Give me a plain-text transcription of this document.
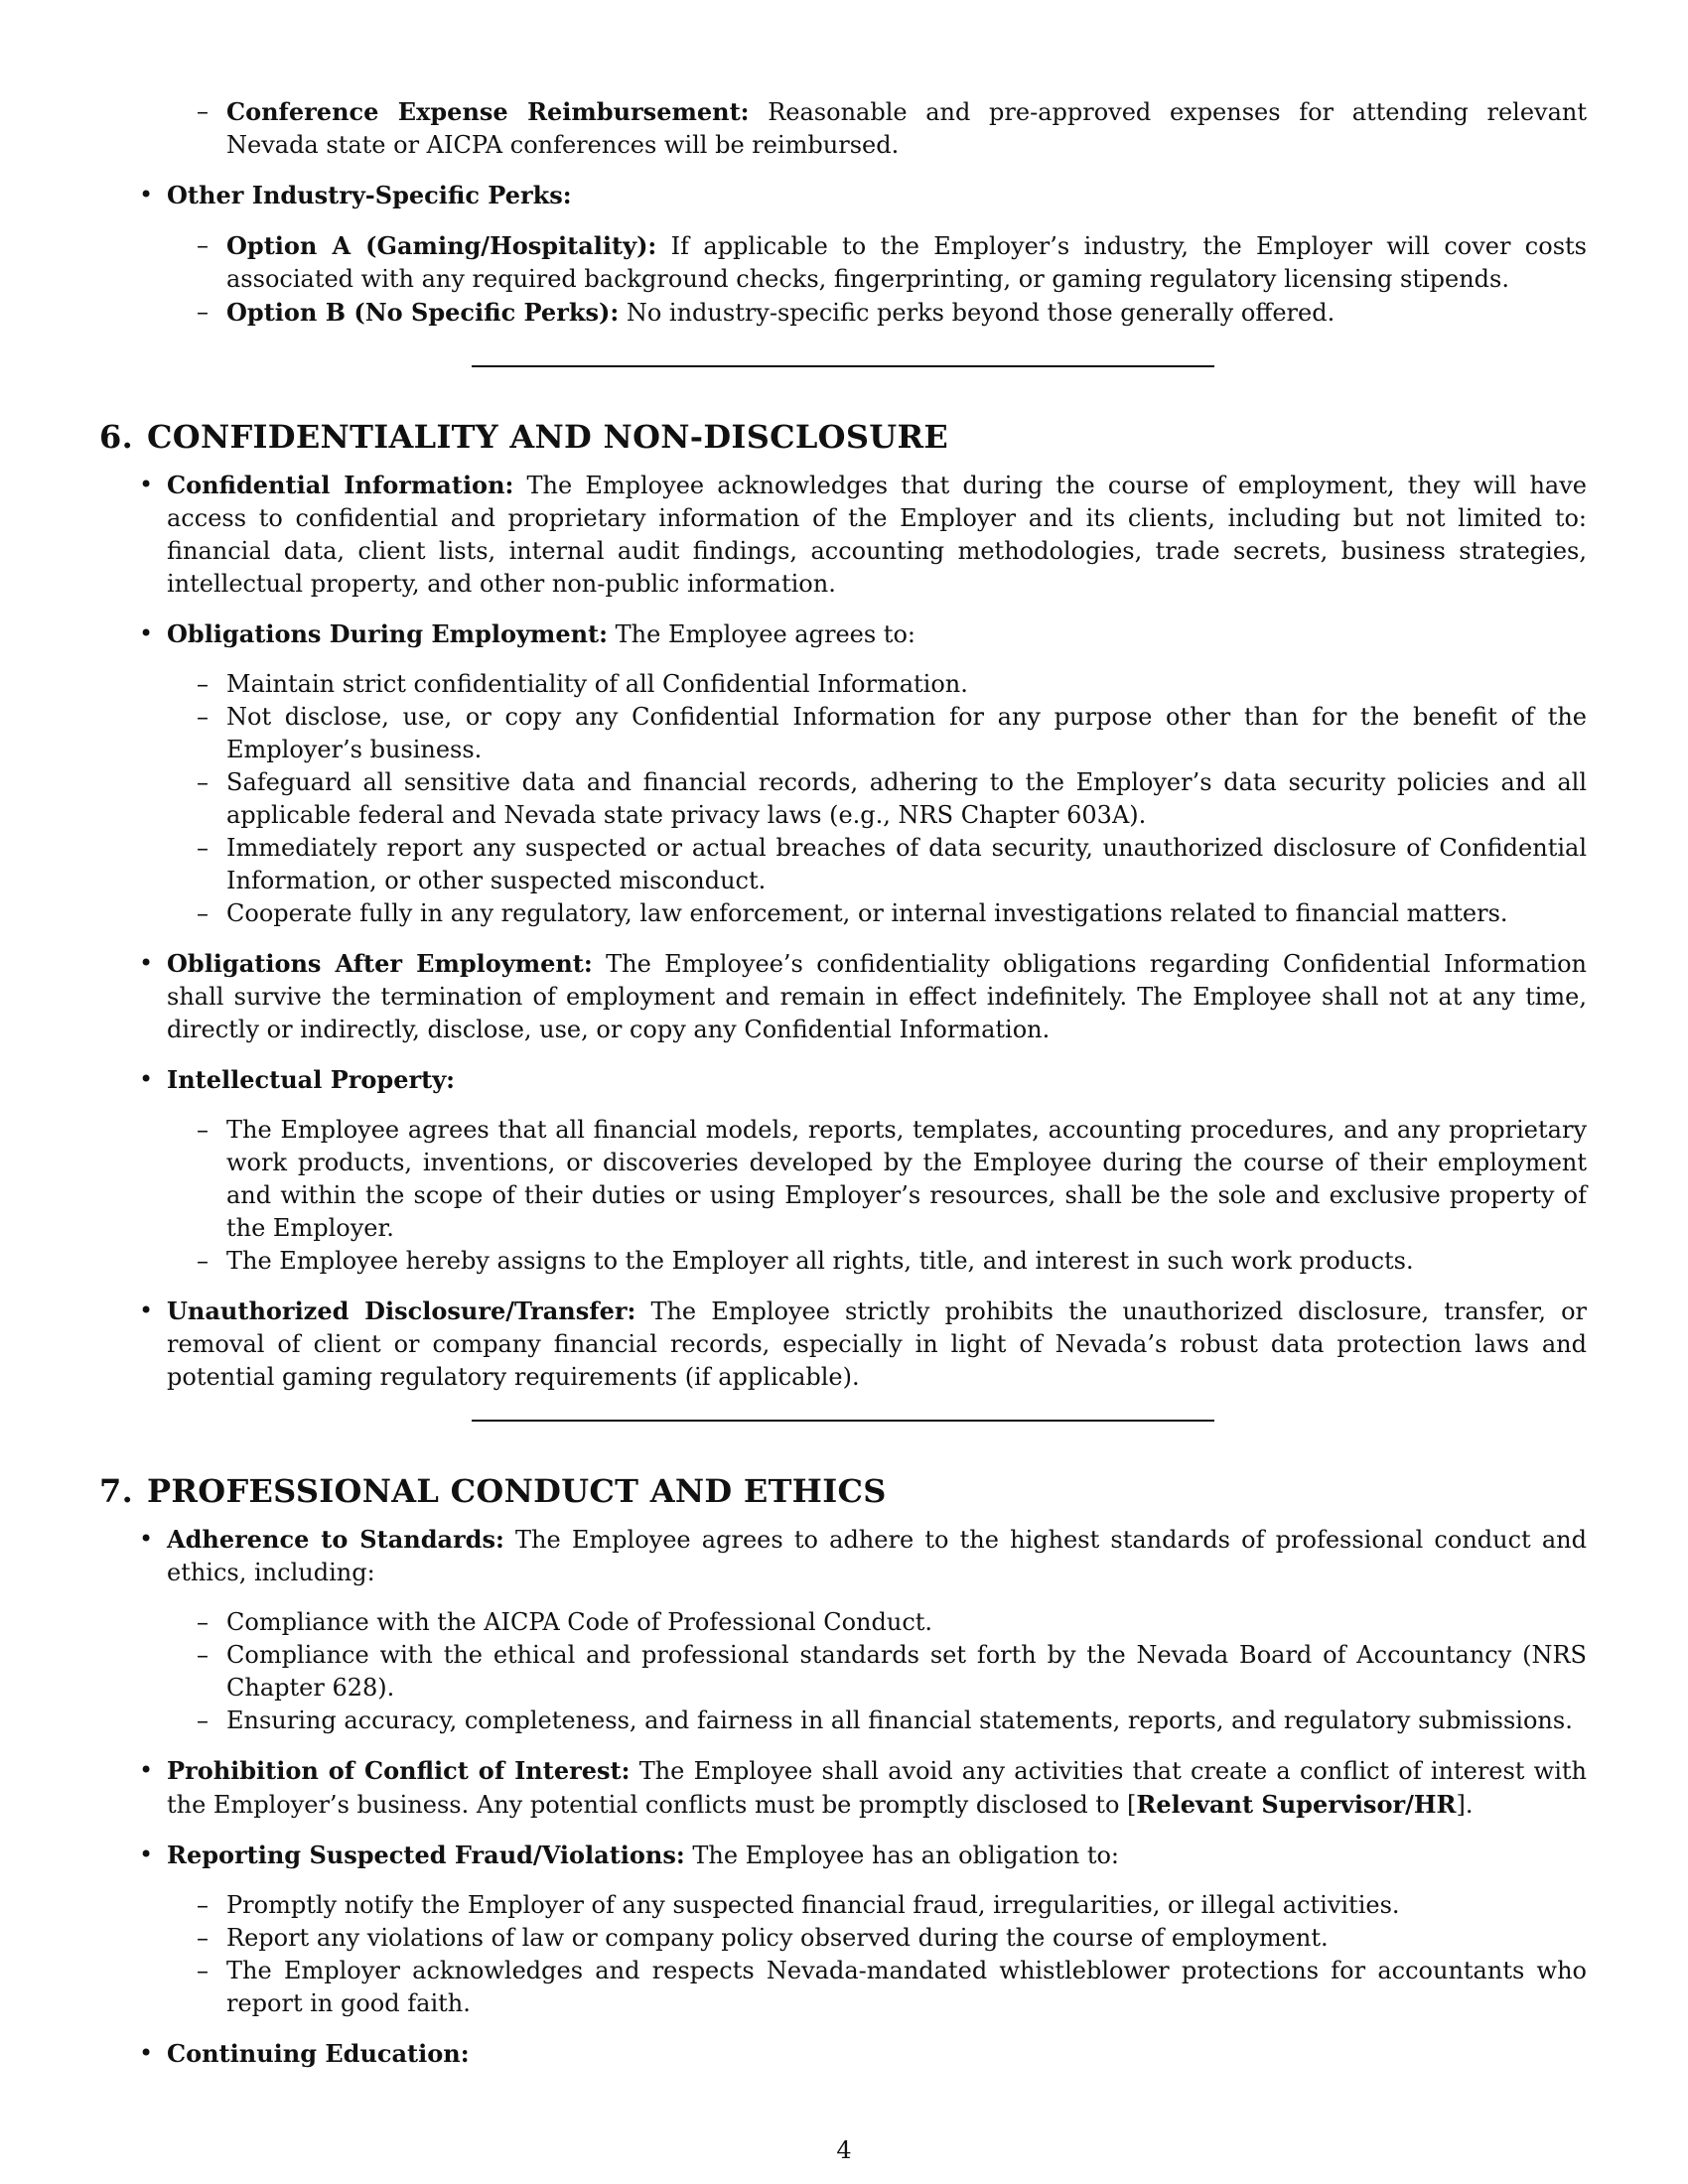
– Conference Expense Reimbursement: Reasonable and pre-approved expenses for attending relevant Nevada state or AICPA conferences will be reimbursed.
• Other Industry-Specific Perks:
– Option A (Gaming/Hospitality): If applicable to the Employer’s industry, the Employer will cover costs associated with any required background checks, fingerprinting, or gaming regulatory licensing stipends.
– Option B (No Specific Perks): No industry-specific perks beyond those generally offered.
6. CONFIDENTIALITY AND NON-DISCLOSURE
• Confidential Information: The Employee acknowledges that during the course of employment, they will have access to confidential and proprietary information of the Employer and its clients, including but not limited to: financial data, client lists, internal audit findings, accounting methodologies, trade secrets, business strategies, intellectual property, and other non-public information.
• Obligations During Employment: The Employee agrees to:
– Maintain strict confidentiality of all Confidential Information.
– Not disclose, use, or copy any Confidential Information for any purpose other than for the benefit of the Employer’s business.
– Safeguard all sensitive data and financial records, adhering to the Employer’s data security policies and all applicable federal and Nevada state privacy laws (e.g., NRS Chapter 603A).
– Immediately report any suspected or actual breaches of data security, unauthorized disclosure of Confidential Information, or other suspected misconduct.
– Cooperate fully in any regulatory, law enforcement, or internal investigations related to financial matters.
• Obligations After Employment: The Employee’s confidentiality obligations regarding Confidential Information shall survive the termination of employment and remain in effect indefinitely. The Employee shall not at any time, directly or indirectly, disclose, use, or copy any Confidential Information.
• Intellectual Property:
– The Employee agrees that all financial models, reports, templates, accounting procedures, and any proprietary work products, inventions, or discoveries developed by the Employee during the course of their employment and within the scope of their duties or using Employer’s resources, shall be the sole and exclusive property of the Employer.
– The Employee hereby assigns to the Employer all rights, title, and interest in such work products.
• Unauthorized Disclosure/Transfer: The Employee strictly prohibits the unauthorized disclosure, transfer, or removal of client or company financial records, especially in light of Nevada’s robust data protection laws and potential gaming regulatory requirements (if applicable).
7. PROFESSIONAL CONDUCT AND ETHICS
• Adherence to Standards: The Employee agrees to adhere to the highest standards of professional conduct and ethics, including:
– Compliance with the AICPA Code of Professional Conduct.
– Compliance with the ethical and professional standards set forth by the Nevada Board of Accountancy (NRS Chapter 628).
– Ensuring accuracy, completeness, and fairness in all financial statements, reports, and regulatory submissions.
• Prohibition of Conflict of Interest: The Employee shall avoid any activities that create a conflict of interest with the Employer’s business. Any potential conflicts must be promptly disclosed to [Relevant Supervisor/HR].
• Reporting Suspected Fraud/Violations: The Employee has an obligation to:
– Promptly notify the Employer of any suspected financial fraud, irregularities, or illegal activities.
– Report any violations of law or company policy observed during the course of employment.
– The Employer acknowledges and respects Nevada-mandated whistleblower protections for accountants who report in good faith.
• Continuing Education:
4
